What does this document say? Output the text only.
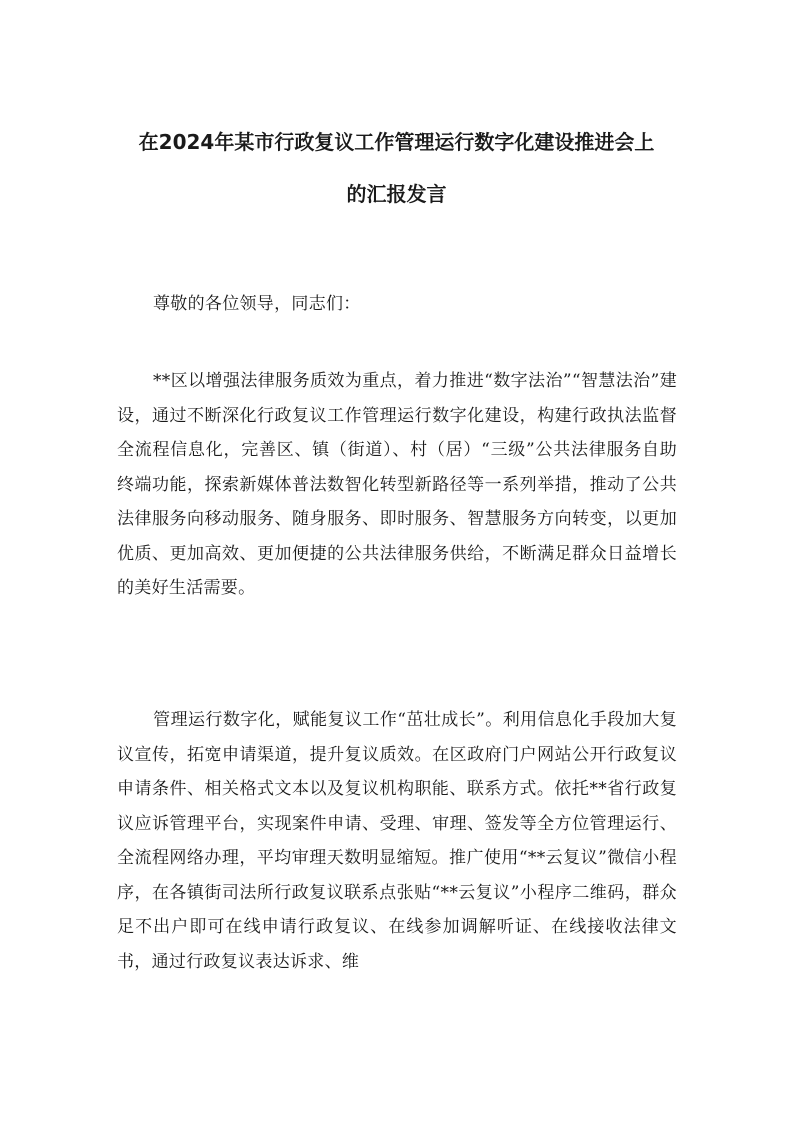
在2024年某市行政复议工作管理运行数字化建设推进会上
的汇报发言

尊敬的各位领导，同志们：

**区以增强法律服务质效为重点，着力推进“数字法治”“智慧法治”建设，通过不断深化行政复议工作管理运行数字化建设，构建行政执法监督全流程信息化，完善区、镇（街道）、村（居）“三级”公共法律服务自助终端功能，探索新媒体普法数智化转型新路径等一系列举措，推动了公共法律服务向移动服务、随身服务、即时服务、智慧服务方向转变，以更加优质、更加高效、更加便捷的公共法律服务供给，不断满足群众日益增长的美好生活需要。

管理运行数字化，赋能复议工作“茁壮成长”。利用信息化手段加大复议宣传，拓宽申请渠道，提升复议质效。在区政府门户网站公开行政复议申请条件、相关格式文本以及复议机构职能、联系方式。依托**省行政复议应诉管理平台，实现案件申请、受理、审理、签发等全方位管理运行、全流程网络办理，平均审理天数明显缩短。推广使用“**云复议”微信小程序，在各镇街司法所行政复议联系点张贴“**云复议”小程序二维码，群众足不出户即可在线申请行政复议、在线参加调解听证、在线接收法律文书，通过行政复议表达诉求、维
